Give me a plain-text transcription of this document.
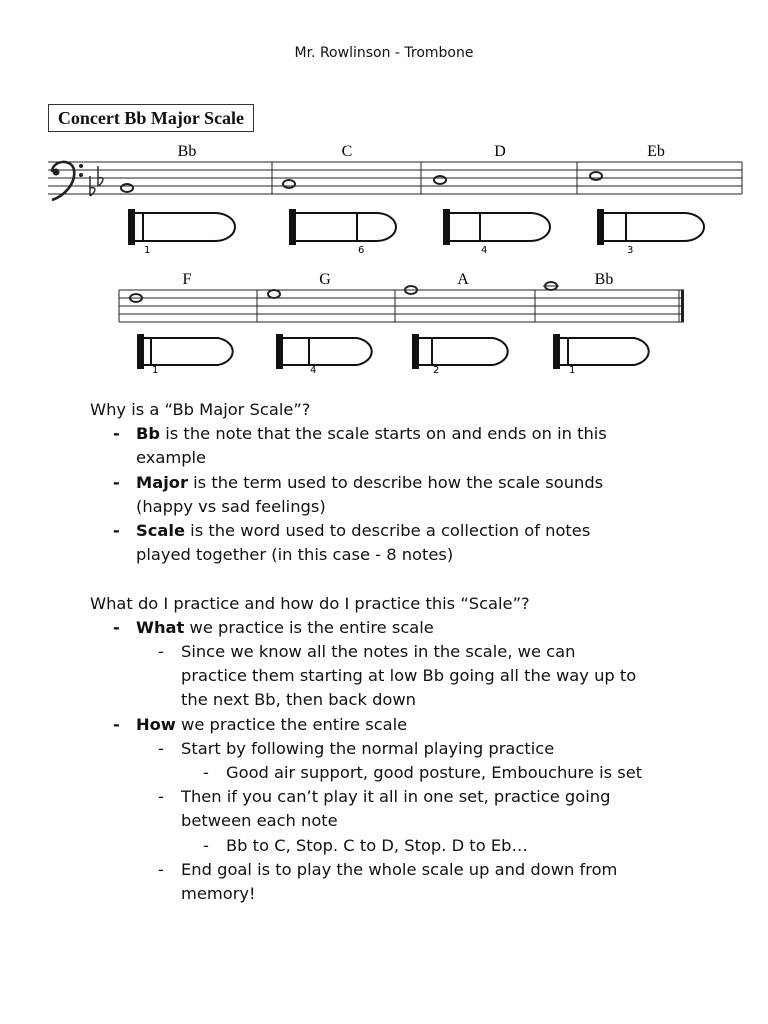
Mr. Rowlinson - Trombone
Concert Bb Major Scale
Bb	C	D	Eb
1	6	4	3
F	G	A	Bb
1	4	2	1
Why is a “Bb Major Scale”?
- Bb is the note that the scale starts on and ends on in this
example
- Major is the term used to describe how the scale sounds
(happy vs sad feelings)
- Scale is the word used to describe a collection of notes
played together (in this case - 8 notes)
What do I practice and how do I practice this “Scale”?
- What we practice is the entire scale
- Since we know all the notes in the scale, we can
practice them starting at low Bb going all the way up to
the next Bb, then back down
- How we practice the entire scale
- Start by following the normal playing practice
- Good air support, good posture, Embouchure is set
- Then if you can’t play it all in one set, practice going
between each note
- Bb to C, Stop. C to D, Stop. D to Eb…
- End goal is to play the whole scale up and down from
memory!
